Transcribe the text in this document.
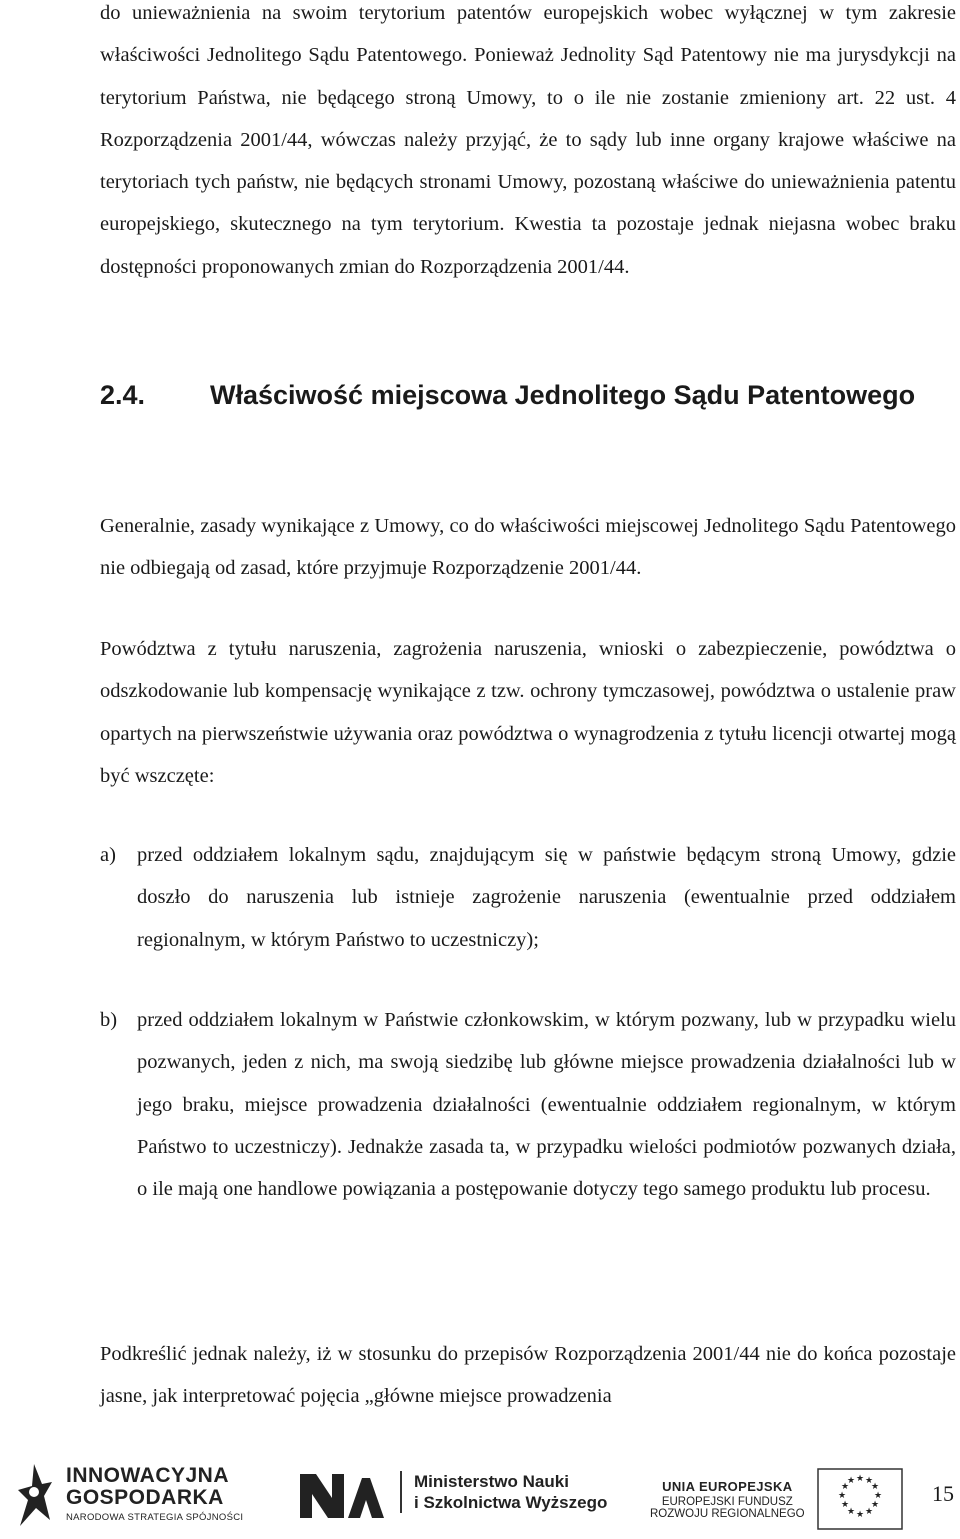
do unieważnienia na swoim terytorium patentów europejskich wobec wyłącznej w tym zakresie właściwości Jednolitego Sądu Patentowego. Ponieważ Jednolity Sąd Patentowy nie ma jurysdykcji na terytorium Państwa, nie będącego stroną Umowy, to o ile nie zostanie zmieniony art. 22 ust. 4 Rozporządzenia 2001/44, wówczas należy przyjąć, że to sądy lub inne organy krajowe właściwe na terytoriach tych państw, nie będących stronami Umowy, pozostaną właściwe do unieważnienia patentu europejskiego, skutecznego na tym terytorium. Kwestia ta pozostaje jednak niejasna wobec braku dostępności proponowanych zmian do Rozporządzenia 2001/44.

2.4. Właściwość miejscowa Jednolitego Sądu Patentowego

Generalnie, zasady wynikające z Umowy, co do właściwości miejscowej Jednolitego Sądu Patentowego nie odbiegają od zasad, które przyjmuje Rozporządzenie 2001/44.

Powództwa z tytułu naruszenia, zagrożenia naruszenia, wnioski o zabezpieczenie, powództwa o odszkodowanie lub kompensację wynikające z tzw. ochrony tymczasowej, powództwa o ustalenie praw opartych na pierwszeństwie używania oraz powództwa o wynagrodzenia z tytułu licencji otwartej mogą być wszczęte:

a) przed oddziałem lokalnym sądu, znajdującym się w państwie będącym stroną Umowy, gdzie doszło do naruszenia lub istnieje zagrożenie naruszenia (ewentualnie przed oddziałem regionalnym, w którym Państwo to uczestniczy);

b) przed oddziałem lokalnym w Państwie członkowskim, w którym pozwany, lub w przypadku wielu pozwanych, jeden z nich, ma swoją siedzibę lub główne miejsce prowadzenia działalności lub w jego braku, miejsce prowadzenia działalności (ewentualnie oddziałem regionalnym, w którym Państwo to uczestniczy). Jednakże zasada ta, w przypadku wielości podmiotów pozwanych działa, o ile mają one handlowe powiązania a postępowanie dotyczy tego samego produktu lub procesu.

Podkreślić jednak należy, iż w stosunku do przepisów Rozporządzenia 2001/44 nie do końca pozostaje jasne, jak interpretować pojęcia „główne miejsce prowadzenia

INNOWACYJNA
GOSPODARKA
NARODOWA STRATEGIA SPÓJNOŚCI
Ministerstwo Nauki
i Szkolnictwa Wyższego
UNIA EUROPEJSKA
EUROPEJSKI FUNDUSZ
ROZWOJU REGIONALNEGO
★ ★
★
★
★
★
★
★
★
★
★
★	15
